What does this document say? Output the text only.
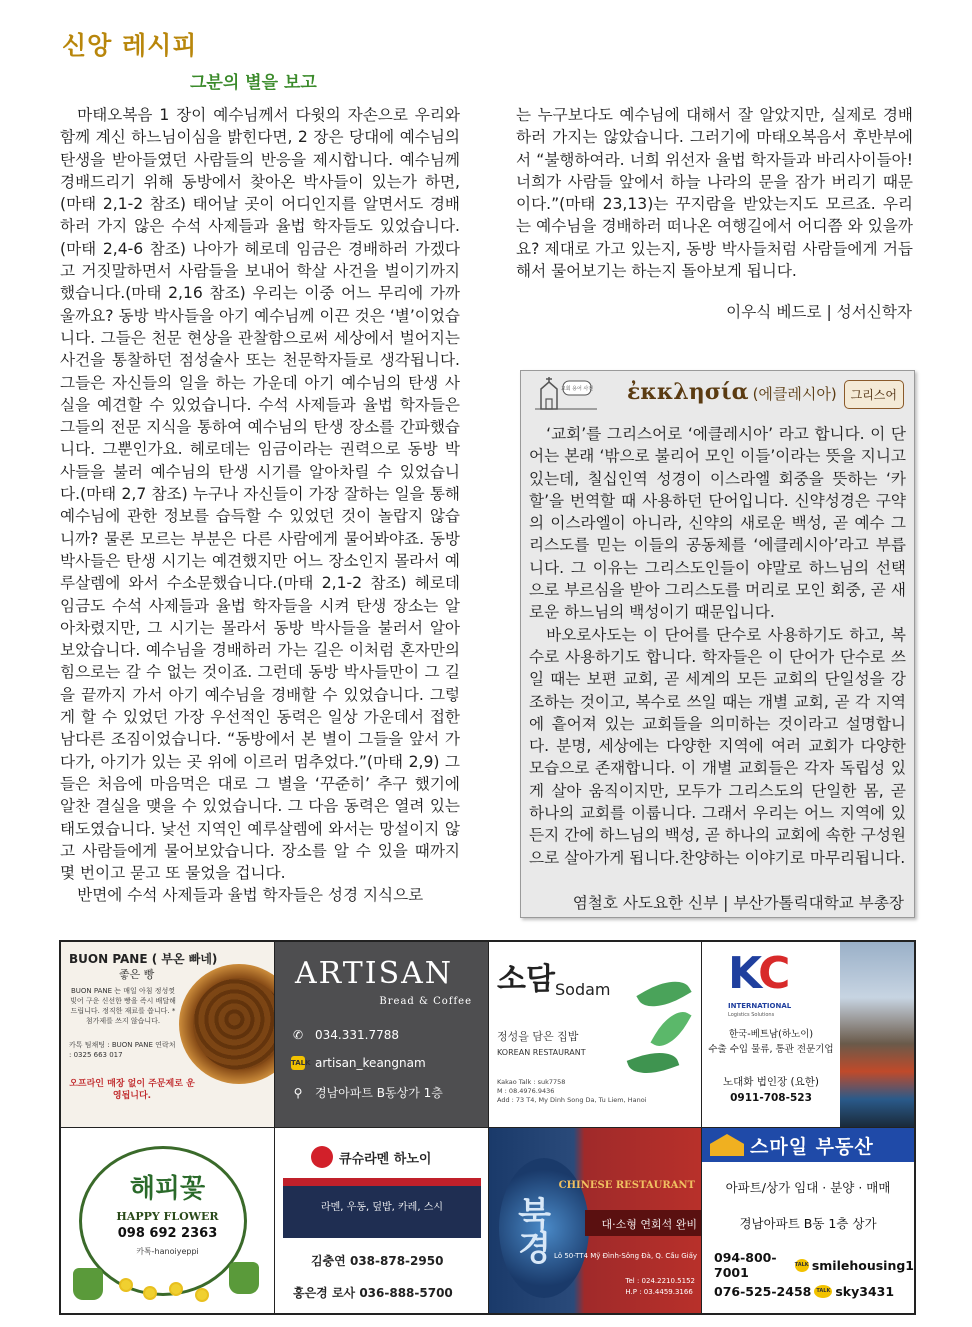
신앙 레시피
그분의 별을 보고

마태오복음 1 장이 예수님께서 다윗의 자손으로 우리와 함께 계신 하느님이심을 밝힌다면, 2 장은 당대에 예수님의 탄생을 받아들였던 사람들의 반응을 제시합니다. 예수님께 경배드리기 위해 동방에서 찾아온 박사들이 있는가 하면,(마태 2,1-2 참조) 태어날 곳이 어디인지를 알면서도 경배하러 가지 않은 수석 사제들과 율법 학자들도 있었습니다.(마태 2,4-6 참조) 나아가 헤로데 임금은 경배하러 가겠다고 거짓말하면서 사람들을 보내어 학살 사건을 벌이기까지 했습니다.(마태 2,16 참조) 우리는 이중 어느 무리에 가까울까요? 동방 박사들을 아기 예수님께 이끈 것은 ‘별’이었습니다. 그들은 천문 현상을 관찰함으로써 세상에서 벌어지는 사건을 통찰하던 점성술사 또는 천문학자들로 생각됩니다. 그들은 자신들의 일을 하는 가운데 아기 예수님의 탄생 사실을 예견할 수 있었습니다. 수석 사제들과 율법 학자들은 그들의 전문 지식을 통하여 예수님의 탄생 장소를 간파했습니다. 그뿐인가요. 헤로데는 임금이라는 권력으로 동방 박사들을 불러 예수님의 탄생 시기를 알아차릴 수 있었습니다.(마태 2,7 참조) 누구나 자신들이 가장 잘하는 일을 통해 예수님에 관한 정보를 습득할 수 있었던 것이 놀랍지 않습니까? 물론 모르는 부분은 다른 사람에게 물어봐야죠. 동방 박사들은 탄생 시기는 예견했지만 어느 장소인지 몰라서 예루살렘에 와서 수소문했습니다.(마태 2,1-2 참조) 헤로데 임금도 수석 사제들과 율법 학자들을 시켜 탄생 장소는 알아차렸지만, 그 시기는 몰라서 동방 박사들을 불러서 알아보았습니다. 예수님을 경배하러 가는 길은 이처럼 혼자만의 힘으로는 갈 수 없는 것이죠. 그런데 동방 박사들만이 그 길을 끝까지 가서 아기 예수님을 경배할 수 있었습니다. 그렇게 할 수 있었던 가장 우선적인 동력은 일상 가운데서 접한 남다른 조짐이었습니다. “동방에서 본 별이 그들을 앞서 가다가, 아기가 있는 곳 위에 이르러 멈추었다.”(마태 2,9) 그들은 처음에 마음먹은 대로 그 별을 ‘꾸준히’ 추구 했기에 알찬 결실을 맺을 수 있었습니다. 그 다음 동력은 열려 있는 태도였습니다. 낯선 지역인 예루살렘에 와서는 망설이지 않고 사람들에게 물어보았습니다. 장소를 알 수 있을 때까지 몇 번이고 묻고 또 물었을 겁니다.

반면에 수석 사제들과 율법 학자들은 성경 지식으로

는 누구보다도 예수님에 대해서 잘 알았지만, 실제로 경배하러 가지는 않았습니다. 그러기에 마태오복음서 후반부에서 “불행하여라. 너희 위선자 율법 학자들과 바리사이들아! 너희가 사람들 앞에서 하늘 나라의 문을 잠가 버리기 때문이다.”(마태 23,13)는 꾸지람을 받았는지도 모르죠. 우리는 예수님을 경배하러 떠나온 여행길에서 어디쯤 와 있을까요? 제대로 가고 있는지, 동방 박사들처럼 사람들에게 거듭해서 물어보기는 하는지 돌아보게 됩니다.

이우식 베드로 | 성서신학자
교회 용어 사전 ἐκκλησία (에클레시아)	그리스어

‘교회’를 그리스어로 ‘에클레시아’ 라고 합니다. 이 단어는 본래 ‘밖으로 불리어 모인 이들’이라는 뜻을 지니고 있는데, 칠십인역 성경이 이스라엘 회중을 뜻하는 ‘카할’을 번역할 때 사용하던 단어입니다. 신약성경은 구약의 이스라엘이 아니라, 신약의 새로운 백성, 곧 예수 그리스도를 믿는 이들의 공동체를 ‘에클레시아’라고 부릅니다. 그 이유는 그리스도인들이 야말로 하느님의 선택으로 부르심을 받아 그리스도를 머리로 모인 회중, 곧 새로운 하느님의 백성이기 때문입니다.

바오로사도는 이 단어를 단수로 사용하기도 하고, 복수로 사용하기도 합니다. 학자들은 이 단어가 단수로 쓰일 때는 보편 교회, 곧 세계의 모든 교회의 단일성을 강조하는 것이고, 복수로 쓰일 때는 개별 교회, 곧 각 지역에 흩어져 있는 교회들을 의미하는 것이라고 설명합니다. 분명, 세상에는 다양한 지역에 여러 교회가 다양한 모습으로 존재합니다. 이 개별 교회들은 각자 독립성 있게 살아 움직이지만, 모두가 그리스도의 단일한 몸, 곧 하나의 교회를 이룹니다. 그래서 우리는 어느 지역에 있든지 간에 하느님의 백성, 곧 하나의 교회에 속한 구성원으로 살아가게 됩니다.찬양하는 이야기로 마무리됩니다.

염철호 사도요한 신부 | 부산가톨릭대학교 부총장
BUON PANE ( 부온 빠네)
좋은 빵
BUON PANE 는 매일 아침 정성껏 빚어 구운 신선한 빵을 즉시 배달해 드립니다. 정직한 재료를 씁니다. * 첨가제를 쓰지 않습니다.
카톡 팀채팅 : BUON PANE 연락처 : 0325 663 017
오프라인 매장 없이 주문제로 운영됩니다.
ARTISAN
Bread & Coffee
✆ 034.331.7788
TALK artisan_keangnam
⚲ 경남아파트 B동상가 1층
소담 Sodam
정성을 담은 집밥
KOREAN RESTAURANT
Kakao Talk : suk7758
M : 08.4976.9436
Add : 73 T4, My Dinh Song Da, Tu Liem, Hanoi
KC
INTERNATIONAL
Logistics Solutions
한국-베트남(하노이)
수출 수입 물류, 통관 전문기업
노대화 법인장 (요한)
0911-708-523
해피꽃
HAPPY FLOWER
098 692 2363
카톡-hanoiyeppi
큐슈라멘 하노이
라멘, 우동, 덮밥, 카레, 스시
김충연 038-878-2950
홍은경 로사 036-888-5700
북경
CHINESE RESTAURANT
대·소형 연회석 완비
Lô 50-TT4 Mỹ Đình-Sông Đà, Q. Cầu Giấy
Tel : 024.2210.5152
H.P : 03.4459.3166
스마일 부동산
아파트/상가 임대 · 분양 · 매매
경남아파트 B동 1층 상가
094-800-7001
TALK smilehousing1
076-525-2458	TALK sky3431
